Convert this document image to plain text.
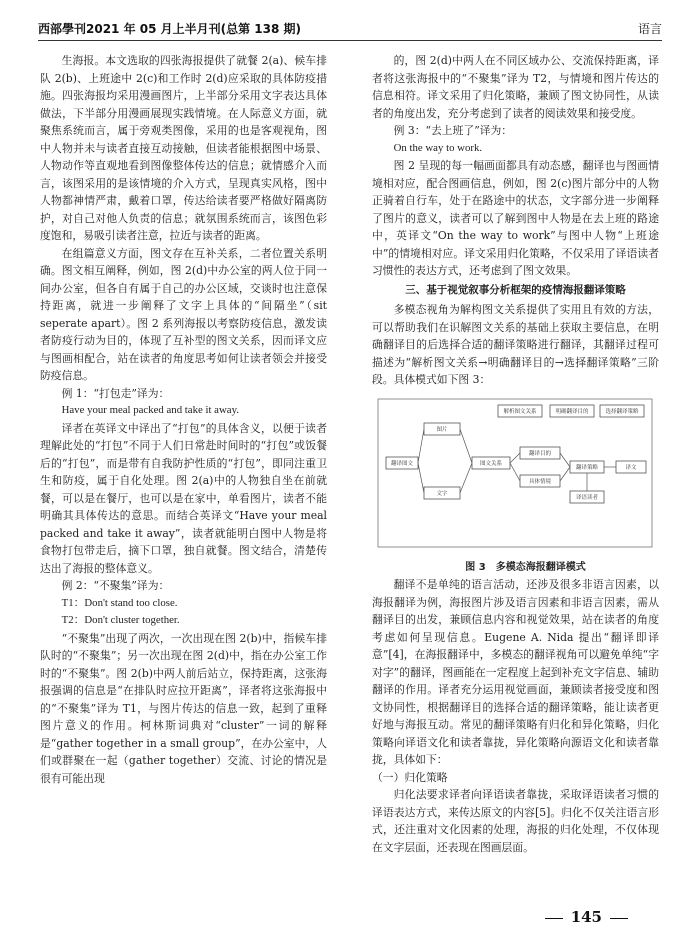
西部學刊2021 年 05 月上半月刊(总第 138 期)	语言

生海报。本文选取的四张海报提供了就餐 2(a)、候车排队 2(b)、上班途中 2(c)和工作时 2(d)应采取的具体防疫措施。四张海报均采用漫画图片，上半部分采用文字表达具体做法，下半部分用漫画展现实践情境。在人际意义方面，就聚焦系统而言，属于旁观类图像，采用的也是客观视角，图中人物并未与读者直接互动接触，但读者能根据图中场景、人物动作等直观地看到图像整体传达的信息；就情感介入而言，该图采用的是该情境的介入方式，呈现真实风格，图中人物都神情严肃，戴着口罩，传达给读者要严格做好隔离防护，对自己对他人负责的信息；就氛围系统而言，该图色彩度饱和，易吸引读者注意，拉近与读者的距离。

在组篇意义方面，图文存在互补关系，二者位置关系明确。图文相互阐释，例如，图 2(d)中办公室的两人位于同一间办公室，但各自有属于自己的办公区域，交谈时也注意保持距离，就进一步阐释了文字上具体的“间隔坐”（sit seperate apart）。图 2 系列海报以考察防疫信息，激发读者防疫行动为目的，体现了互补型的图文关系，因而译文应与图画相配合，站在读者的角度思考如何让读者领会并接受防疫信息。

例 1：“打包走”译为：

Have your meal packed and take it away.

译者在英译文中译出了“打包”的具体含义，以便于读者理解此处的“打包”不同于人们日常赴时间时的“打包”或饭餐后的“打包”，而是带有自我防护性质的“打包”，即同注重卫生和防疫，属于自化处理。图 2(a)中的人物独自坐在前就餐，可以是在餐厅，也可以是在家中，单看图片，读者不能明确其具体传达的意思。而结合英译文“Have your meal packed and take it away”，读者就能明白图中人物是将食物打包带走后，摘下口罩，独自就餐。图文结合，清楚传达出了海报的整体意义。

例 2：“不聚集”译为：

T1：Don't stand too close.

T2：Don't cluster together.

“不聚集”出现了两次，一次出现在图 2(b)中，指候车排队时的“不聚集”；另一次出现在图 2(d)中，指在办公室工作时的“不聚集”。图 2(b)中两人前后站立，保持距离，这张海报强调的信息是“在排队时应拉开距离”，译者将这张海报中的“不聚集”译为 T1，与图片传达的信息一致，起到了重释图片意义的作用。柯林斯词典对“cluster”一词的解释是“gather together in a small group”，在办公室中，人们或群聚在一起（gather together）交流、讨论的情况是很有可能出现

的，图 2(d)中两人在不同区域办公、交流保持距离，译者将这张海报中的“不聚集”译为 T2，与情境和图片传达的信息相符。译文采用了归化策略，兼顾了图文协同性，从读者的角度出发，充分考虑到了读者的阅读效果和接受度。

例 3：“去上班了”译为：

On the way to work.

图 2 呈现的每一幅画面都具有动态感，翻译也与图画情境相对应，配合图画信息，例如，图 2(c)图片部分中的人物正骑着自行车，处于在路途中的状态，文字部分进一步阐释了图片的意义，读者可以了解到图中人物是在去上班的路途中，英译文“On the way to work”与图中人物“上班途中”的情境相对应。译文采用归化策略，不仅采用了译语读者习惯性的表达方式，还考虑到了图文效果。

三、基于视觉叙事分析框架的疫情海报翻译策略

多模态视角为解构图文关系提供了实用且有效的方法，可以帮助我们在识解图文关系的基础上获取主要信息，在明确翻译目的后选择合适的翻译策略进行翻译，其翻译过程可描述为“解析图文关系→明确翻译目的→选择翻译策略”三阶段。具体模式如下图 3：

图片
翻译图文
文字
图文关系
翻译目的
具体情境
翻译策略
译语读者
译文
解析图文关系	明确翻译目的	选择翻译策略

图 3　多模态海报翻译模式

翻译不是单纯的语言活动，还涉及很多非语言因素，以海报翻译为例，海报图片涉及语言因素和非语言因素，需从翻译目的出发，兼顾信息内容和视觉效果，站在读者的角度考虑如何呈现信息。Eugene A. Nida 提出“翻译即译意”[4]，在海报翻译中，多模态的翻译视角可以避免单纯“字对字”的翻译，图画能在一定程度上起到补充文字信息、辅助翻译的作用。译者充分运用视觉画面，兼顾读者接受度和图文协同性，根据翻译目的选择合适的翻译策略，能让读者更好地与海报互动。常见的翻译策略有归化和异化策略，归化策略向译语文化和读者靠拢，异化策略向源语文化和读者靠拢，具体如下：

（一）归化策略

归化法要求译者向译语读者靠拢，采取译语读者习惯的译语表达方式，来传达原文的内容[5]。归化不仅关注语言形式，还注重对文化因素的处理，海报的归化处理，不仅体现在文字层面，还表现在图画层面。

145
